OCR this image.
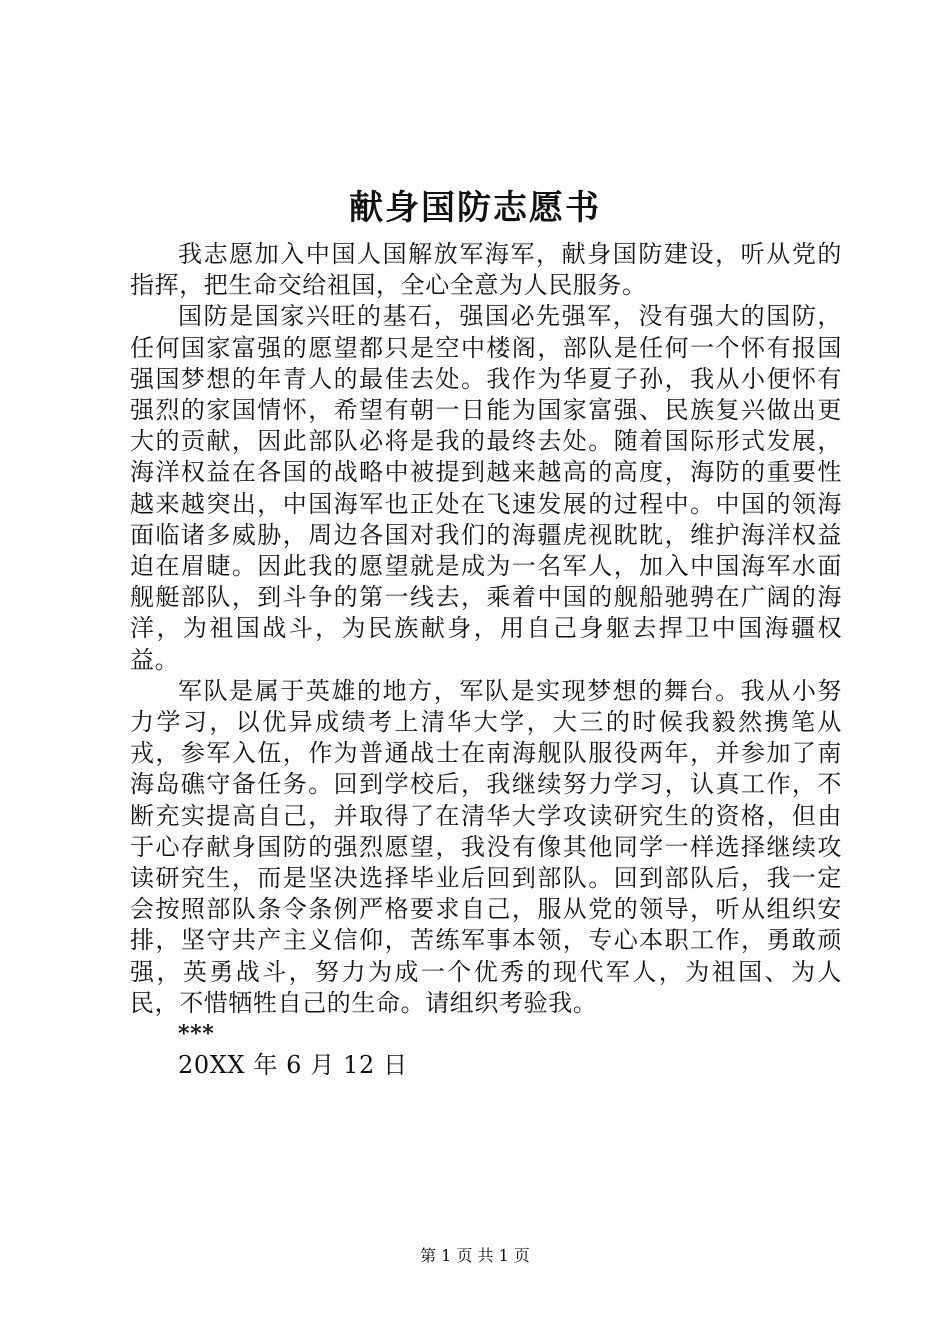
献身国防志愿书

我志愿加入中国人国解放军海军，献身国防建设，听从党的指挥，把生命交给祖国，全心全意为人民服务。

国防是国家兴旺的基石，强国必先强军，没有强大的国防，任何国家富强的愿望都只是空中楼阁，部队是任何一个怀有报国强国梦想的年青人的最佳去处。我作为华夏子孙，我从小便怀有强烈的家国情怀，希望有朝一日能为国家富强、民族复兴做出更大的贡献，因此部队必将是我的最终去处。随着国际形式发展，海洋权益在各国的战略中被提到越来越高的高度，海防的重要性越来越突出，中国海军也正处在飞速发展的过程中。中国的领海面临诸多威胁，周边各国对我们的海疆虎视眈眈，维护海洋权益迫在眉睫。因此我的愿望就是成为一名军人，加入中国海军水面舰艇部队，到斗争的第一线去，乘着中国的舰船驰骋在广阔的海洋，为祖国战斗，为民族献身，用自己身躯去捍卫中国海疆权益。

军队是属于英雄的地方，军队是实现梦想的舞台。我从小努力学习，以优异成绩考上清华大学，大三的时候我毅然携笔从戎，参军入伍，作为普通战士在南海舰队服役两年，并参加了南海岛礁守备任务。回到学校后，我继续努力学习，认真工作，不断充实提高自己，并取得了在清华大学攻读研究生的资格，但由于心存献身国防的强烈愿望，我没有像其他同学一样选择继续攻读研究生，而是坚决选择毕业后回到部队。回到部队后，我一定会按照部队条令条例严格要求自己，服从党的领导，听从组织安排，坚守共产主义信仰，苦练军事本领，专心本职工作，勇敢顽强，英勇战斗，努力为成一个优秀的现代军人，为祖国、为人民，不惜牺牲自己的生命。请组织考验我。

***

20XX 年 6 月 12 日

第 1 页 共 1 页
